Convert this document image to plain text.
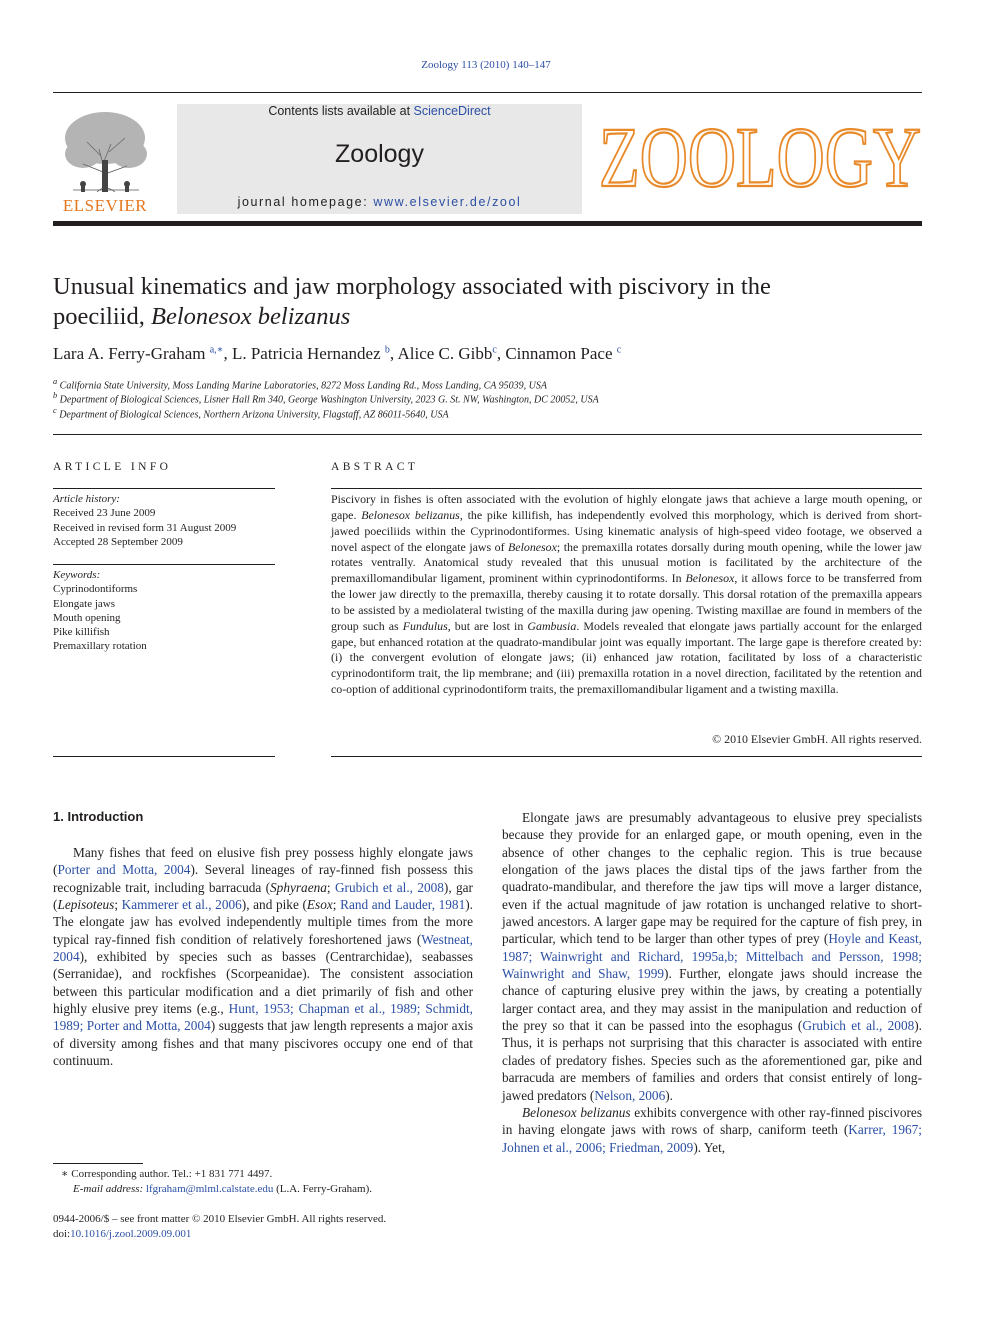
Zoology 113 (2010) 140–147
ELSEVIER
Contents lists available at ScienceDirect
Zoology
journal homepage: www.elsevier.de/zool ZOOLOGY
Unusual kinematics and jaw morphology associated with piscivory in the
poeciliid, Belonesox belizanus
Lara A. Ferry-Graham $^{a,∗}$, L. Patricia Hernandez $^b$, Alice C. Gibb$^c$, Cinnamon Pace $^c$
$^a$ California State University, Moss Landing Marine Laboratories, 8272 Moss Landing Rd., Moss Landing, CA 95039, USA
$^b$ Department of Biological Sciences, Lisner Hall Rm 340, George Washington University, 2023 G. St. NW, Washington, DC 20052, USA
$^c$ Department of Biological Sciences, Northern Arizona University, Flagstaff, AZ 86011-5640, USA
ARTICLE INFO
Article history:
Received 23 June 2009
Received in revised form 31 August 2009
Accepted 28 September 2009
Keywords:
Cyprinodontiforms
Elongate jaws
Mouth opening
Pike killifish
Premaxillary rotation
ABSTRACT
Piscivory in fishes is often associated with the evolution of highly elongate jaws that achieve a large mouth opening, or gape. Belonesox belizanus, the pike killifish, has independently evolved this morphology, which is derived from short-jawed poeciliids within the Cyprinodontiformes. Using kinematic analysis of high-speed video footage, we observed a novel aspect of the elongate jaws of Belonesox; the premaxilla rotates dorsally during mouth opening, while the lower jaw rotates ventrally. Anatomical study revealed that this unusual motion is facilitated by the architecture of the premaxillomandibular ligament, prominent within cyprinodontiforms. In Belonesox, it allows force to be transferred from the lower jaw directly to the premaxilla, thereby causing it to rotate dorsally. This dorsal rotation of the premaxilla appears to be assisted by a mediolateral twisting of the maxilla during jaw opening. Twisting maxillae are found in members of the group such as Fundulus, but are lost in Gambusia. Models revealed that elongate jaws partially account for the enlarged gape, but enhanced rotation at the quadrato-mandibular joint was equally important. The large gape is therefore created by: (i) the convergent evolution of elongate jaws; (ii) enhanced jaw rotation, facilitated by loss of a characteristic cyprinodontiform trait, the lip membrane; and (iii) premaxilla rotation in a novel direction, facilitated by the retention and co-option of additional cyprinodontiform traits, the premaxillomandibular ligament and a twisting maxilla.
© 2010 Elsevier GmbH. All rights reserved.
1. Introduction

Many fishes that feed on elusive fish prey possess highly elongate jaws (Porter and Motta, 2004). Several lineages of ray-finned fish possess this recognizable trait, including barracuda (Sphyraena; Grubich et al., 2008), gar (Lepisoteus; Kammerer et al., 2006), and pike (Esox; Rand and Lauder, 1981). The elongate jaw has evolved independently multiple times from the more typical ray-finned fish condition of relatively foreshortened jaws (Westneat, 2004), exhibited by species such as basses (Centrarchidae), seabasses (Serranidae), and rockfishes (Scorpeanidae). The consistent association between this particular modification and a diet primarily of fish and other highly elusive prey items (e.g., Hunt, 1953; Chapman et al., 1989; Schmidt, 1989; Porter and Motta, 2004) suggests that jaw length represents a major axis of diversity among fishes and that many piscivores occupy one end of that continuum.

Elongate jaws are presumably advantageous to elusive prey specialists because they provide for an enlarged gape, or mouth opening, even in the absence of other changes to the cephalic region. This is true because elongation of the jaws places the distal tips of the jaws farther from the quadrato-mandibular, and therefore the jaw tips will move a larger distance, even if the actual magnitude of jaw rotation is unchanged relative to short-jawed ancestors. A larger gape may be required for the capture of fish prey, in particular, which tend to be larger than other types of prey (Hoyle and Keast, 1987; Wainwright and Richard, 1995a,b; Mittelbach and Persson, 1998; Wainwright and Shaw, 1999). Further, elongate jaws should increase the chance of capturing elusive prey within the jaws, by creating a potentially larger contact area, and they may assist in the manipulation and reduction of the prey so that it can be passed into the esophagus (Grubich et al., 2008). Thus, it is perhaps not surprising that this character is associated with entire clades of predatory fishes. Species such as the aforementioned gar, pike and barracuda are members of families and orders that consist entirely of long-jawed predators (Nelson, 2006).

Belonesox belizanus exhibits convergence with other ray-finned piscivores in having elongate jaws with rows of sharp, caniform teeth (Karrer, 1967; Johnen et al., 2006; Friedman, 2009). Yet,

∗ Corresponding author. Tel.: +1 831 771 4497.
E-mail address: lfgraham@mlml.calstate.edu (L.A. Ferry-Graham).
0944-2006/$ – see front matter © 2010 Elsevier GmbH. All rights reserved.
doi:10.1016/j.zool.2009.09.001
